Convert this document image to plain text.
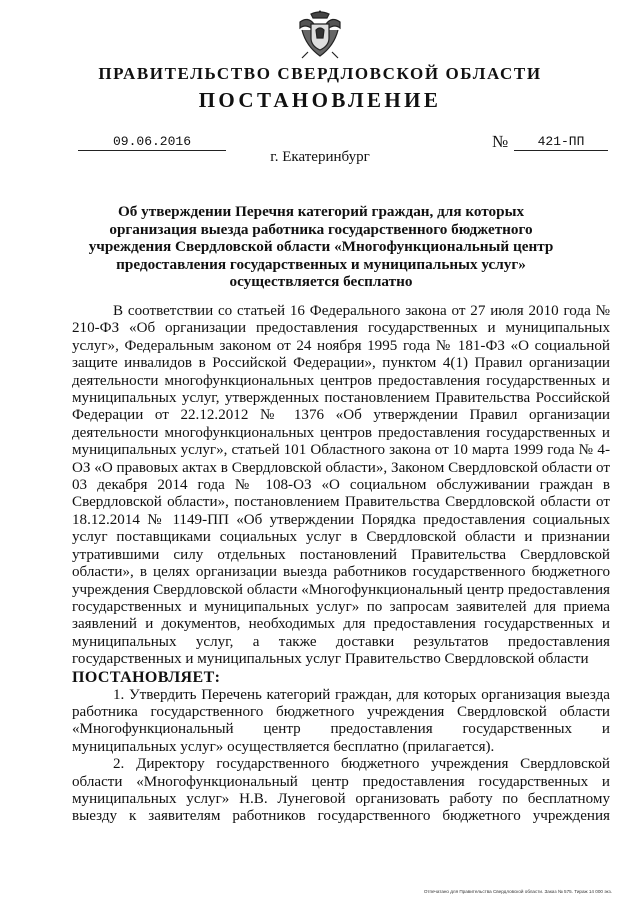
ПРАВИТЕЛЬСТВО СВЕРДЛОВСКОЙ ОБЛАСТИ
ПОСТАНОВЛЕНИЕ
09.06.2016	№	421-ПП
г. Екатеринбург
Об утверждении Перечня категорий граждан, для которых организация выезда работника государственного бюджетного учреждения Свердловской области «Многофункциональный центр предоставления государственных и муниципальных услуг» осуществляется бесплатно

В соответствии со статьей 16 Федерального закона от 27 июля 2010 года № 210-ФЗ «Об организации предоставления государственных и муниципальных услуг», Федеральным законом от 24 ноября 1995 года № 181-ФЗ «О социальной защите инвалидов в Российской Федерации», пунктом 4(1) Правил организации деятельности многофункциональных центров предоставления государственных и муниципальных услуг, утвержденных постановлением Правительства Российской Федерации от 22.12.2012 № 1376 «Об утверждении Правил организации деятельности многофункциональных центров предоставления государственных и муниципальных услуг», статьей 101 Областного закона от 10 марта 1999 года № 4-ОЗ «О правовых актах в Свердловской области», Законом Свердловской области от 03 декабря 2014 года № 108-ОЗ «О социальном обслуживании граждан в Свердловской области», постановлением Правительства Свердловской области от 18.12.2014 № 1149-ПП «Об утверждении Порядка предоставления социальных услуг поставщиками социальных услуг в Свердловской области и признании утратившими силу отдельных постановлений Правительства Свердловской области», в целях организации выезда работников государственного бюджетного учреждения Свердловской области «Многофункциональный центр предоставления государственных и муниципальных услуг» по запросам заявителей для приема заявлений и документов, необходимых для предоставления государственных и муниципальных услуг, а также доставки результатов предоставления государственных и муниципальных услуг Правительство Свердловской области

ПОСТАНОВЛЯЕТ:

1. Утвердить Перечень категорий граждан, для которых организация выезда работника государственного бюджетного учреждения Свердловской области «Многофункциональный центр предоставления государственных и муниципальных услуг» осуществляется бесплатно (прилагается).

2. Директору государственного бюджетного учреждения Свердловской области «Многофункциональный центр предоставления государственных и муниципальных услуг» Н.В. Лунеговой организовать работу по бесплатному выезду к заявителям работников государственного бюджетного учреждения

Отпечатано для Правительства Свердловской области. Заказ № 575. Тираж 14 000 экз.
